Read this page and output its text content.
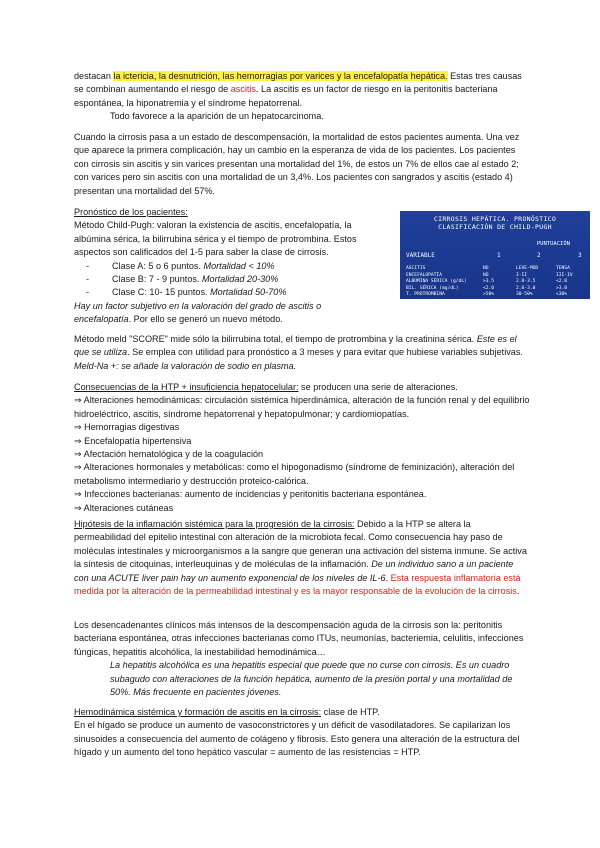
destacan la ictericia, la desnutrición, las hemorragias por varices y la encefalopatía hepática. Estas tres causas se combinan aumentando el riesgo de ascitis. La ascitis es un factor de riesgo en la peritonitis bacteriana espontánea, la hiponatremia y el síndrome hepatorrenal.
Todo favorece a la aparición de un hepatocarcinoma.

Cuando la cirrosis pasa a un estado de descompensación, la mortalidad de estos pacientes aumenta. Una vez que aparece la primera complicación, hay un cambio en la esperanza de vida de los pacientes. Los pacientes con cirrosis sin ascitis y sin varices presentan una mortalidad del 1%, de estos un 7% de ellos cae al estado 2; con varices pero sin ascitis con una mortalidad de un 3,4%. Los pacientes con sangrados y ascitis (estado 4) presentan una mortalidad del 57%.

Pronóstico de los pacientes:
Método Child-Pugh: valoran la existencia de ascitis, encefalopatía, la
albúmina sérica, la bilirrubina sérica y el tiempo de protrombina. Estos
aspectos son calificados del 1-5 para saber la clase de cirrosis.
-	Clase A: 5 o 6 puntos. Mortalidad < 10%
-	Clase B: 7 - 9 puntos. Mortalidad 20-30%
-	Clase C: 10- 15 puntos. Mortalidad 50-70%
Hay un factor subjetivo en la valoración del grado de ascitis o
encefalopatía. Por ello se generó un nuevo método.
CIRROSIS HEPÁTICA. PRONÓSTICO
CLASIFICACIÓN DE CHILD-PUGH
PUNTUACIÓN
VARIABLE	1	2	3
ASCITIS	NO	LEVE-MOD	TENSA
ENCEFALOPATÍA	NO	I-II	III-IV
ALBÚMINA SÉRICA (g/dL)	>3.5	2.8-3.5	<2.8
BIL. SÉRICA (mg/dL)	<2.0	2.0-3.0	>3.0
T. PROTROMBINA	>50%	30-50%	<30%

Método meld "SCORE" mide sólo la bilirrubina total, el tiempo de protrombina y la creatinina sérica. Este es el que se utiliza. Se emplea con utilidad para pronóstico a 3 meses y para evitar que hubiese variables subjetivas. Meld-Na +: se añade la valoración de sodio en plasma.

Consecuencias de la HTP + insuficiencia hepatocelular: se producen una serie de alteraciones.
⇒ Alteraciones hemodinámicas: circulación sistémica hiperdinámica, alteración de la función renal y del equilibrio hidroeléctrico, ascitis, síndrome hepatorrenal y hepatopulmonar; y cardiomiopatías.
⇒ Hemorragias digestivas
⇒ Encefalopatía hipertensiva
⇒ Afectación hematológica y de la coagulación
⇒ Alteraciones hormonales y metabólicas: como el hipogonadismo (síndrome de feminización), alteración del metabolismo intermediario y destrucción proteico-calórica.
⇒ Infecciones bacterianas: aumento de incidencias y peritonitis bacteriana espontánea.
⇒ Alteraciones cutáneas

Hipótesis de la inflamación sistémica para la progresión de la cirrosis: Debido a la HTP se altera la permeabilidad del epitelio intestinal con alteración de la microbiota fecal. Como consecuencia hay paso de moléculas intestinales y microorganismos a la sangre que generan una activación del sistema inmune. Se activa la síntesis de citoquinas, interleuquinas y de moléculas de la inflamación. De un individuo sano a un paciente con una ACUTE liver pain hay un aumento exponencial de los niveles de IL-6. Esta respuesta inflamatoria está medida por la alteración de la permeabilidad intestinal y es la mayor responsable de la evolución de la cirrosis.

Los desencadenantes clínicos más intensos de la descompensación aguda de la cirrosis son la: peritonitis bacteriana espontánea, otras infecciones bacterianas como ITUs, neumonías, bacteriemia, celulitis, infecciones fúngicas, hepatitis alcohólica, la inestabilidad hemodinámica…
La hepatitis alcohólica es una hepatitis especial que puede que no curse con cirrosis. Es un cuadro subagudo con alteraciones de la función hepática, aumento de la presión portal y una mortalidad de 50%. Más frecuente en pacientes jóvenes.

Hemodinámica sistémica y formación de ascitis en la cirrosis: clase de HTP.
En el hígado se produce un aumento de vasoconstrictores y un déficit de vasodilatadores. Se capilarizan los sinusoides a consecuencia del aumento de colágeno y fibrosis. Esto genera una alteración de la estructura del hígado y un aumento del tono hepático vascular = aumento de las resistencias = HTP.
